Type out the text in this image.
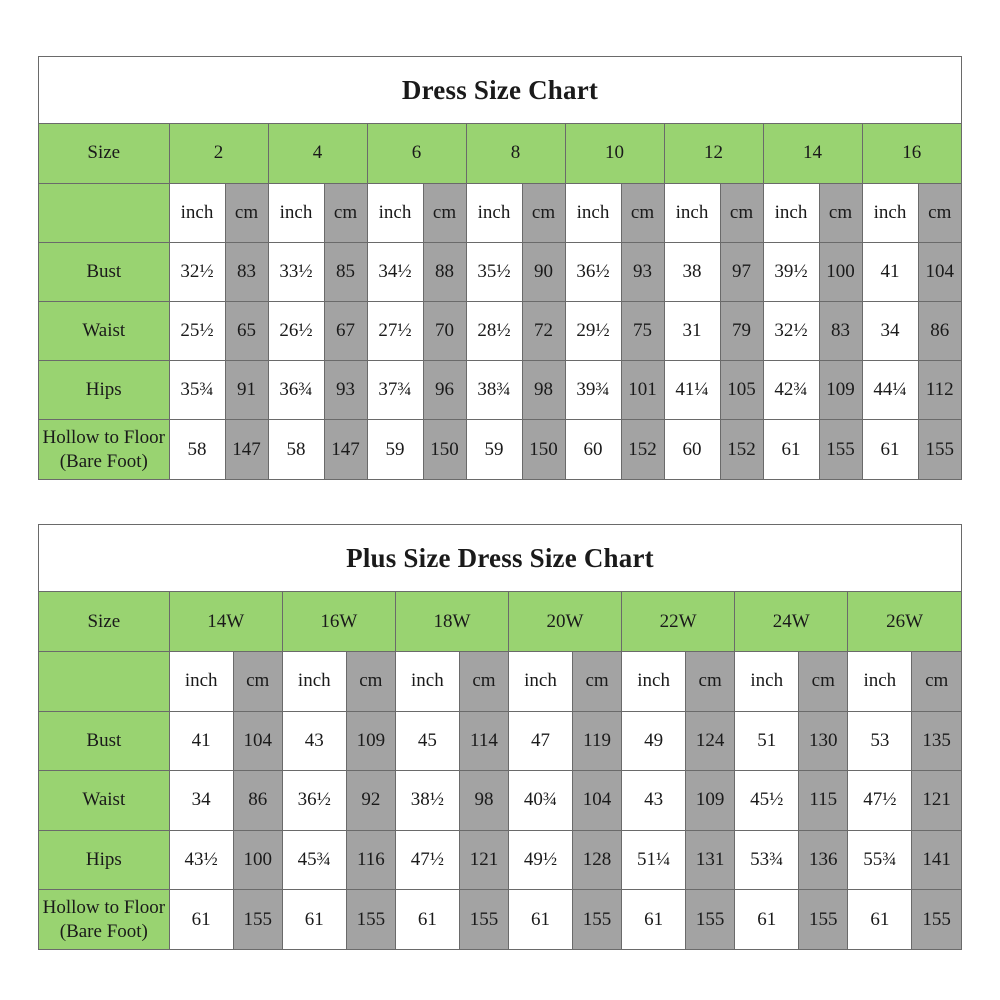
Dress Size Chart
Size	2		4		6		8		10		12		14		16	
	inch	cm	inch	cm	inch	cm	inch	cm	inch	cm	inch	cm	inch	cm	inch	cm
Bust	32½	83	33½	85	34½	88	35½	90	36½	93	38	97	39½	100	41	104
Waist	25½	65	26½	67	27½	70	28½	72	29½	75	31	79	32½	83	34	86
Hips	35¾	91	36¾	93	37¾	96	38¾	98	39¾	101	41¼	105	42¾	109	44¼	112
Hollow to Floor
(Bare Foot)	58	147	58	147	59	150	59	150	60	152	60	152	61	155	61	155
Plus Size Dress Size Chart
Size	14W		16W		18W		20W		22W		24W		26W	
	inch	cm	inch	cm	inch	cm	inch	cm	inch	cm	inch	cm	inch	cm
Bust	41	104	43	109	45	114	47	119	49	124	51	130	53	135
Waist	34	86	36½	92	38½	98	40¾	104	43	109	45½	115	47½	121
Hips	43½	100	45¾	116	47½	121	49½	128	51¼	131	53¾	136	55¾	141
Hollow to Floor
(Bare Foot)	61	155	61	155	61	155	61	155	61	155	61	155	61	155
